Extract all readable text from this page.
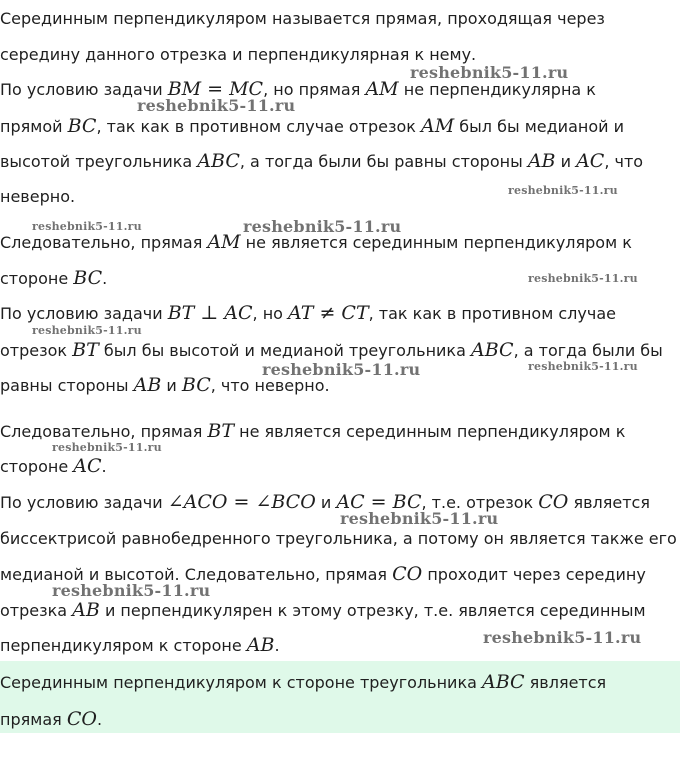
Серединным перпендикуляром называется прямая, проходящая через
середину данного отрезка и перпендикулярная к нему.
По условию задачи BM = MC, но прямая AM не перпендикулярна к
прямой BC, так как в противном случае отрезок AM был бы медианой и
высотой треугольника ABC, а тогда были бы равны стороны AB и AC, что
неверно.
Следовательно, прямая AM не является серединным перпендикуляром к
стороне BC.
По условию задачи BT ⊥ AC, но AT ≠ CT, так как в противном случае
отрезок BT был бы высотой и медианой треугольника ABC, а тогда были бы
равны стороны AB и BC, что неверно.
Следовательно, прямая BT не является серединным перпендикуляром к
стороне AC.
По условию задачи ∠ACO = ∠BCO и AC = BC, т.е. отрезок CO является
биссектрисой равнобедренного треугольника, а потому он является также его
медианой и высотой. Следовательно, прямая CO проходит через середину
отрезка AB и перпендикулярен к этому отрезку, т.е. является серединным
перпендикуляром к стороне AB.
Серединным перпендикуляром к стороне треугольника ABC является
прямая CO.
reshebnik5-11.ru
reshebnik5-11.ru
reshebnik5-11.ru
reshebnik5-11.ru	reshebnik5-11.ru
reshebnik5-11.ru
reshebnik5-11.ru
reshebnik5-11.ru	reshebnik5-11.ru
reshebnik5-11.ru
reshebnik5-11.ru
reshebnik5-11.ru
reshebnik5-11.ru
